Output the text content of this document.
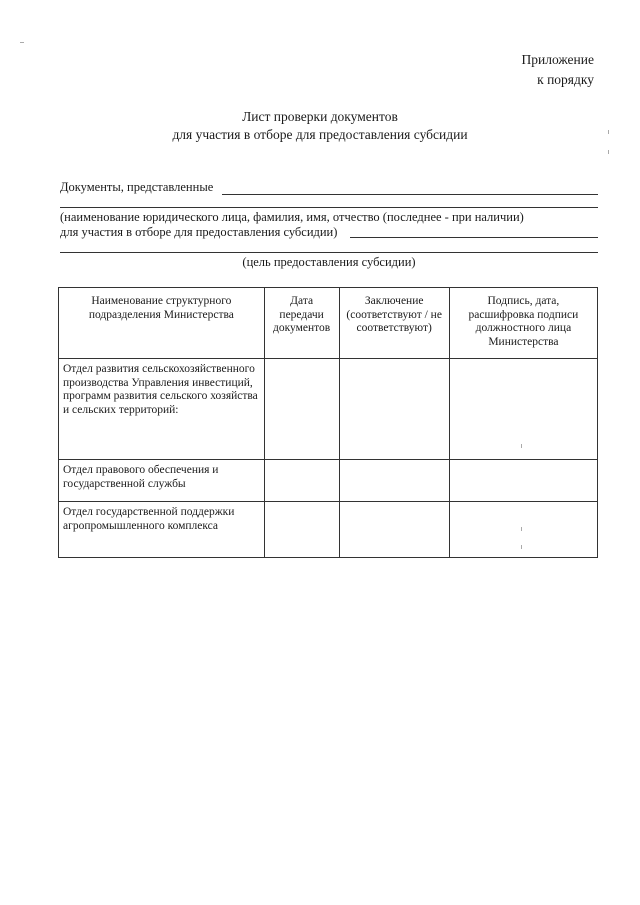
Приложение
к порядку
Лист проверки документов
для участия в отборе для предоставления субсидии
Документы, представленные
(наименование юридического лица, фамилия, имя, отчество (последнее - при наличии)
для участия в отборе для предоставления субсидии)
(цель предоставления субсидии)
Наименование структурного подразделения Министерства	Дата передачи документов	Заключение (соответствуют / не соответствуют)	Подпись, дата, расшифровка подписи должностного лица Министерства
Отдел развития сельскохозяйственного производства Управления инвестиций, программ развития сельского хозяйства и сельских территорий:			
Отдел правового обеспечения и государственной службы			
Отдел государственной поддержки агропромышленного комплекса			
